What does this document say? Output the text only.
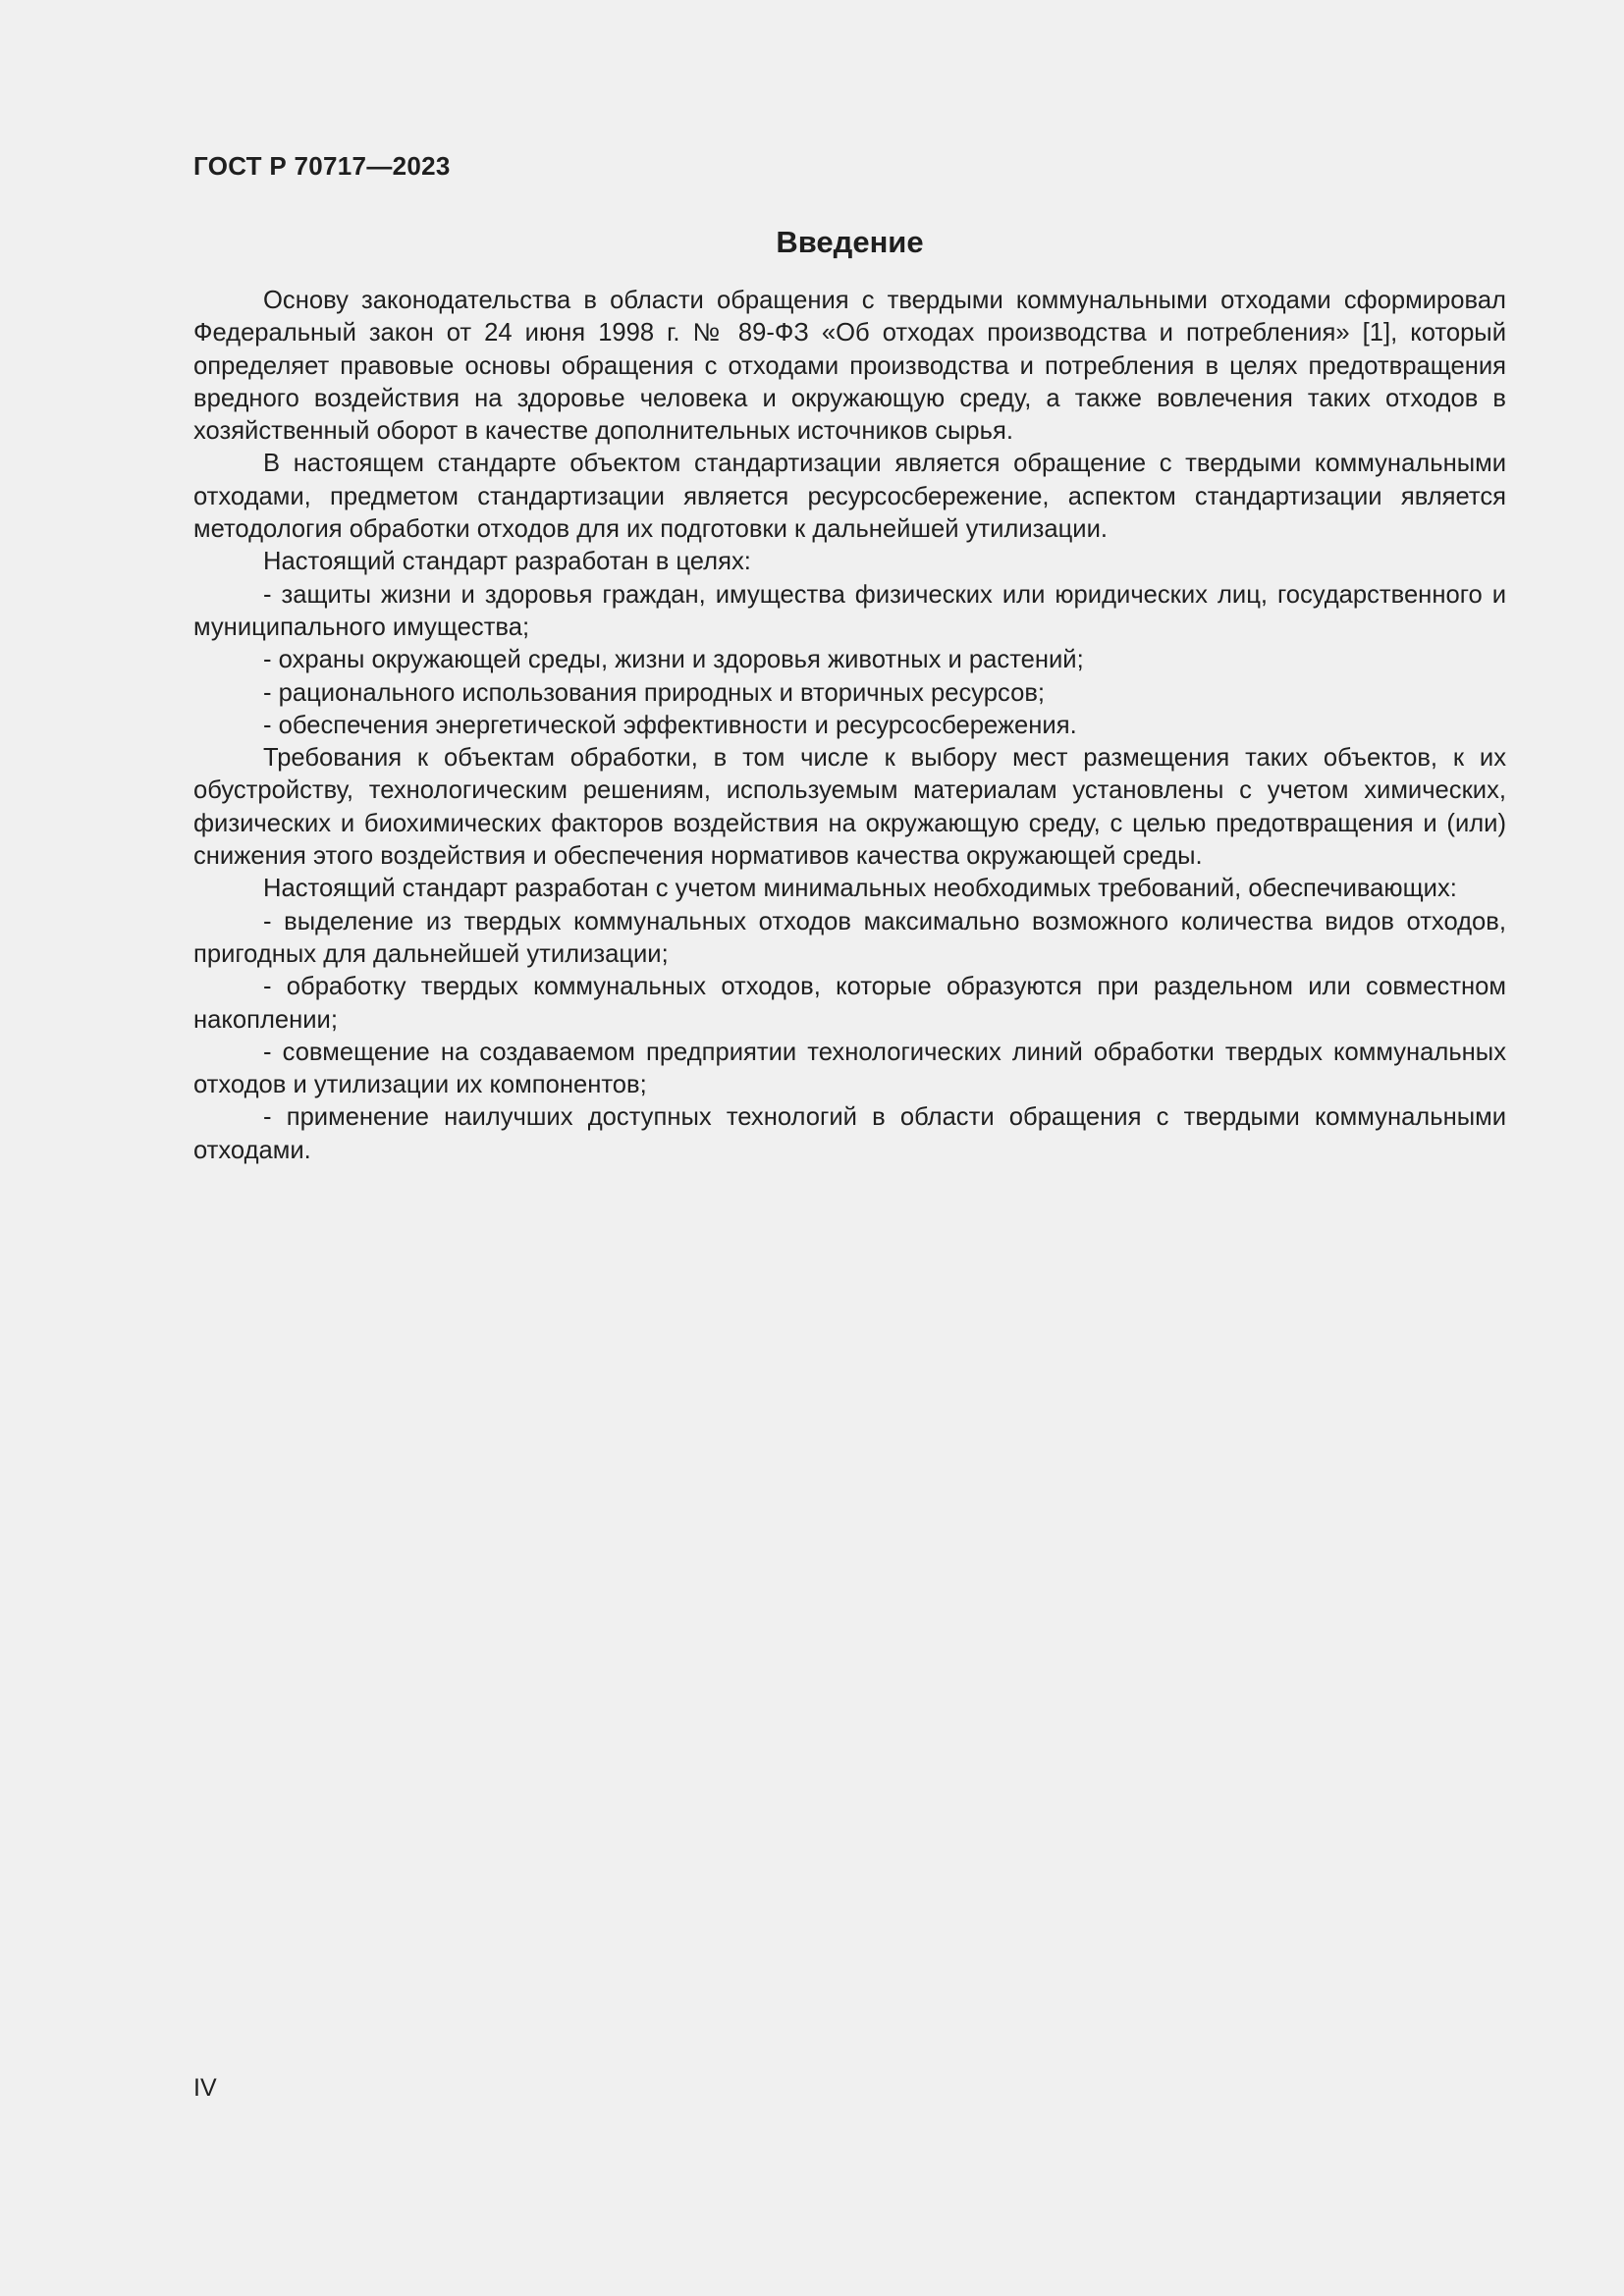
ГОСТ Р 70717—2023

Введение

Основу законодательства в области обращения с твердыми коммунальными отходами сформировал Федеральный закон от 24 июня 1998 г. № 89-ФЗ «Об отходах производства и потребления» [1], который определяет правовые основы обращения с отходами производства и потребления в целях предотвращения вредного воздействия на здоровье человека и окружающую среду, а также вовлечения таких отходов в хозяйственный оборот в качестве дополнительных источников сырья.

В настоящем стандарте объектом стандартизации является обращение с твердыми коммунальными отходами, предметом стандартизации является ресурсосбережение, аспектом стандартизации является методология обработки отходов для их подготовки к дальнейшей утилизации.

Настоящий стандарт разработан в целях:

- защиты жизни и здоровья граждан, имущества физических или юридических лиц, государственного и муниципального имущества;

- охраны окружающей среды, жизни и здоровья животных и растений;

- рационального использования природных и вторичных ресурсов;

- обеспечения энергетической эффективности и ресурсосбережения.

Требования к объектам обработки, в том числе к выбору мест размещения таких объектов, к их обустройству, технологическим решениям, используемым материалам установлены с учетом химических, физических и биохимических факторов воздействия на окружающую среду, с целью предотвращения и (или) снижения этого воздействия и обеспечения нормативов качества окружающей среды.

Настоящий стандарт разработан с учетом минимальных необходимых требований, обеспечивающих:

- выделение из твердых коммунальных отходов максимально возможного количества видов отходов, пригодных для дальнейшей утилизации;

- обработку твердых коммунальных отходов, которые образуются при раздельном или совместном накоплении;

- совмещение на создаваемом предприятии технологических линий обработки твердых коммунальных отходов и утилизации их компонентов;

- применение наилучших доступных технологий в области обращения с твердыми коммунальными отходами.

IV
